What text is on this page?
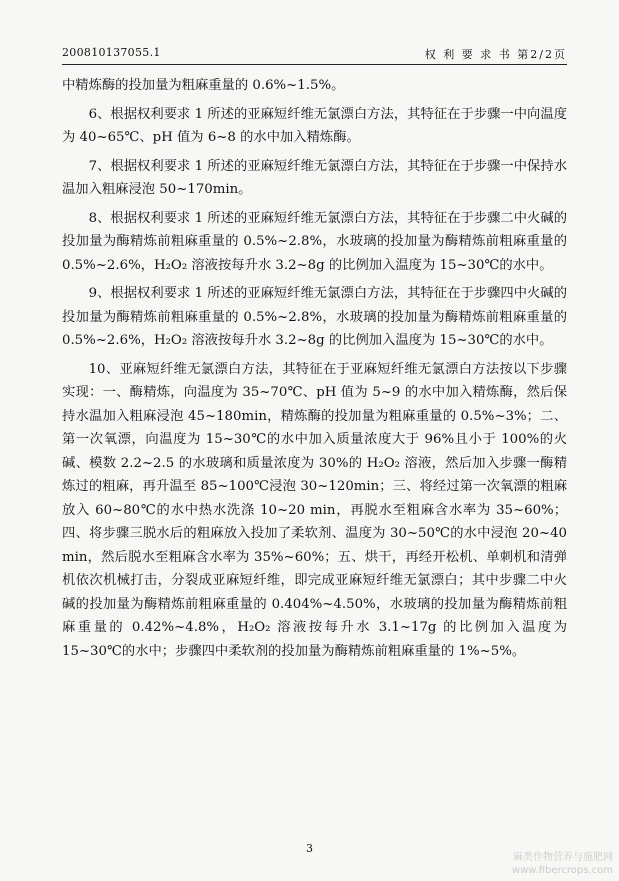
200810137055.1	权 利 要 求 书 第2/2页

中精炼酶的投加量为粗麻重量的 0.6%~1.5%。

6、根据权利要求 1 所述的亚麻短纤维无氯漂白方法，其特征在于步骤一中向温度为 40~65℃、pH 值为 6~8 的水中加入精炼酶。

7、根据权利要求 1 所述的亚麻短纤维无氯漂白方法，其特征在于步骤一中保持水温加入粗麻浸泡 50~170min。

8、根据权利要求 1 所述的亚麻短纤维无氯漂白方法，其特征在于步骤二中火碱的投加量为酶精炼前粗麻重量的 0.5%~2.8%，水玻璃的投加量为酶精炼前粗麻重量的 0.5%~2.6%，H₂O₂ 溶液按每升水 3.2~8g 的比例加入温度为 15~30℃的水中。

9、根据权利要求 1 所述的亚麻短纤维无氯漂白方法，其特征在于步骤四中火碱的投加量为酶精炼前粗麻重量的 0.5%~2.8%，水玻璃的投加量为酶精炼前粗麻重量的 0.5%~2.6%，H₂O₂ 溶液按每升水 3.2~8g 的比例加入温度为 15~30℃的水中。

10、亚麻短纤维无氯漂白方法，其特征在于亚麻短纤维无氯漂白方法按以下步骤实现：一、酶精炼，向温度为 35~70℃、pH 值为 5~9 的水中加入精炼酶，然后保持水温加入粗麻浸泡 45~180min，精炼酶的投加量为粗麻重量的 0.5%~3%；二、第一次氧漂，向温度为 15~30℃的水中加入质量浓度大于 96%且小于 100%的火碱、模数 2.2~2.5 的水玻璃和质量浓度为 30%的 H₂O₂ 溶液，然后加入步骤一酶精炼过的粗麻，再升温至 85~100℃浸泡 30~120min；三、将经过第一次氧漂的粗麻放入 60~80℃的水中热水洗涤 10~20 min，再脱水至粗麻含水率为 35~60%；四、将步骤三脱水后的粗麻放入投加了柔软剂、温度为 30~50℃的水中浸泡 20~40 min，然后脱水至粗麻含水率为 35%~60%；五、烘干，再经开松机、单刺机和清弹机依次机械打击，分裂成亚麻短纤维，即完成亚麻短纤维无氯漂白；其中步骤二中火碱的投加量为酶精炼前粗麻重量的 0.404%~4.50%，水玻璃的投加量为酶精炼前粗麻重量的 0.42%~4.8%，H₂O₂ 溶液按每升水 3.1~17g 的比例加入温度为 15~30℃的水中；步骤四中柔软剂的投加量为酶精炼前粗麻重量的 1%~5%。

3
麻类作物营养与施肥网
www.fibercrops.com
